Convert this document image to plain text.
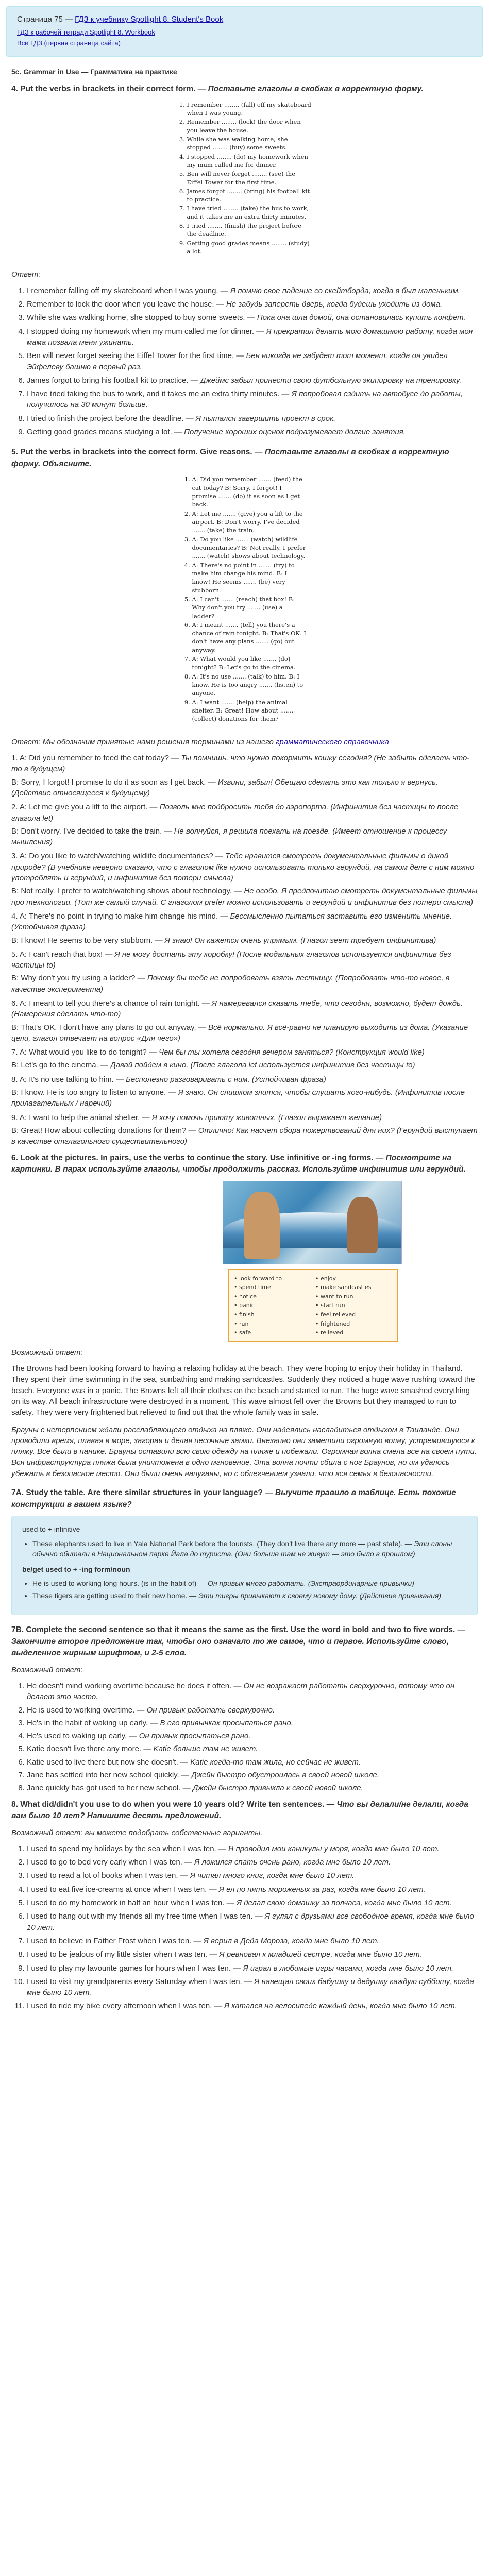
Страница 75 — ГДЗ к учебнику Spotlight 8. Student's Book

ГДЗ к рабочей тетради Spotlight 8. Workbook
Все ГДЗ (первая страница сайта)
5c. Grammar in Use — Грамматика на практике
4. Put the verbs in brackets in their correct form. — Поставьте глаголы в скобках в корректную форму.
1. I remember ........ (fall) off my skateboard when I was young.
2. Remember ........ (lock) the door when you leave the house.
3. While she was walking home, she stopped ........ (buy) some sweets.
4. I stopped ........ (do) my homework when my mum called me for dinner.
5. Ben will never forget ........ (see) the Eiffel Tower for the first time.
6. James forgot ........ (bring) his football kit to practice.
7. I have tried ........ (take) the bus to work, and it takes me an extra thirty minutes.
8. I tried ........ (finish) the project before the deadline.
9. Getting good grades means ........ (study) a lot.
Ответ:
1. I remember falling off my skateboard when I was young. — Я помню свое падение со скейтборда, когда я был маленьким.
2. Remember to lock the door when you leave the house. — Не забудь запереть дверь, когда будешь уходить из дома.
3. While she was walking home, she stopped to buy some sweets. — Пока она шла домой, она остановилась купить конфет.
4. I stopped doing my homework when my mum called me for dinner. — Я прекратил делать мою домашнюю работу, когда моя мама позвала меня ужинать.
5. Ben will never forget seeing the Eiffel Tower for the first time. — Бен никогда не забудет тот момент, когда он увидел Эйфелеву башню в первый раз.
6. James forgot to bring his football kit to practice. — Джеймс забыл принести свою футбольную экипировку на тренировку.
7. I have tried taking the bus to work, and it takes me an extra thirty minutes. — Я попробовал ездить на автобусе до работы, получилось на 30 минут больше.
8. I tried to finish the project before the deadline. — Я пытался завершить проект в срок.
9. Getting good grades means studying a lot. — Получение хороших оценок подразумевает долгие занятия.
5. Put the verbs in brackets into the correct form. Give reasons. — Поставьте глаголы в скобках в корректную форму. Объясните.
1. A: Did you remember ....... (feed) the cat today? B: Sorry, I forgot! I promise ....... (do) it as soon as I get back.
2. A: Let me ....... (give) you a lift to the airport. B: Don't worry. I've decided ....... (take) the train.
3. A: Do you like ....... (watch) wildlife documentaries? B: Not really. I prefer ....... (watch) shows about technology.
4. A: There's no point in ....... (try) to make him change his mind. B: I know! He seems ....... (be) very stubborn.
5. A: I can't ....... (reach) that box! B: Why don't you try ....... (use) a ladder?
6. A: I meant ....... (tell) you there's a chance of rain tonight. B: That's OK. I don't have any plans ....... (go) out anyway.
7. A: What would you like ....... (do) tonight? B: Let's go to the cinema.
8. A: It's no use ....... (talk) to him. B: I know. He is too angry ....... (listen) to anyone.
9. A: I want ....... (help) the animal shelter. B: Great! How about ....... (collect) donations for them?
Ответ: Мы обозначим принятые нами решения терминами из нашего грамматического справочника

1. A: Did you remember to feed the cat today? — Ты помнишь, что нужно покормить кошку сегодня? (Не забыть сделать что-то в будущем)

B: Sorry, I forgot! I promise to do it as soon as I get back. — Извини, забыл! Обещаю сделать это как только я вернусь. (Действие относящееся к будущему)

2. A: Let me give you a lift to the airport. — Позволь мне подбросить тебя до аэропорта. (Инфинитив без частицы to после глагола let)

B: Don't worry. I've decided to take the train. — Не волнуйся, я решила поехать на поезде. (Имеет отношение к процессу мышления)

3. A: Do you like to watch/watching wildlife documentaries? — Тебе нравится смотреть документальные фильмы о дикой природе? (В учебнике неверно сказано, что с глаголом like нужно использовать только герундий, на самом деле с ним можно употреблять и герундий, и инфинитив без потери смысла)

B: Not really. I prefer to watch/watching shows about technology. — Не особо. Я предпочитаю смотреть документальные фильмы про технологии. (Тот же самый случай. С глаголом prefer можно использовать и герундий и инфинитив без потери смысла)

4. A: There's no point in trying to make him change his mind. — Бессмысленно пытаться заставить его изменить мнение. (Устойчивая фраза)

B: I know! He seems to be very stubborn. — Я знаю! Он кажется очень упрямым. (Глагол seem требует инфинитива)

5. A: I can't reach that box! — Я не могу достать эту коробку! (После модальных глаголов используется инфинитив без частицы to)

B: Why don't you try using a ladder? — Почему бы тебе не попробовать взять лестницу. (Попробовать что-то новое, в качестве эксперимента)

6. A: I meant to tell you there's a chance of rain tonight. — Я намеревался сказать тебе, что сегодня, возможно, будет дождь. (Намерения сделать что-то)

B: That's OK. I don't have any plans to go out anyway. — Всё нормально. Я всё-равно не планирую выходить из дома. (Указание цели, глагол отвечает на вопрос «Для чего»)

7. A: What would you like to do tonight? — Чем бы ты хотела сегодня вечером заняться? (Конструкция would like)

B: Let's go to the cinema. — Давай пойдем в кино. (После глагола let используется инфинитив без частицы to)

8. A: It's no use talking to him. — Бесполезно разговаривать с ним. (Устойчивая фраза)

B: I know. He is too angry to listen to anyone. — Я знаю. Он слишком злится, чтобы слушать кого-нибудь. (Инфинитив после прилагательных / наречий)

9. A: I want to help the animal shelter. — Я хочу помочь приюту животных. (Глагол выражает желание)

B: Great! How about collecting donations for them? — Отлично! Как насчет сбора пожертвований для них? (Герундий выступает в качестве отглагольного существительного)

6. Look at the pictures. In pairs, use the verbs to continue the story. Use infinitive or -ing forms. — Посмотрите на картинки. В парах используйте глаголы, чтобы продолжить рассказ. Используйте инфинитив или герундий.
• look forward to	• enjoy
• spend time	• make sandcastles
• notice	• want to run
• panic	• start run
• finish	• feel relieved
• run	• frightened
• safe	• relieved
Возможный ответ:

The Browns had been looking forward to having a relaxing holiday at the beach. They were hoping to enjoy their holiday in Thailand. They spent their time swimming in the sea, sunbathing and making sandcastles. Suddenly they noticed a huge wave rushing toward the beach. Everyone was in a panic. The Browns left all their clothes on the beach and started to run. The huge wave smashed everything on its way. All beach infrastructure were destroyed in a moment. This wave almost fell over the Browns but they managed to run to safety. They were very frightened but relieved to find out that the whole family was in safe.

Брауны с нетерпением ждали расслабляющего отдыха на пляже. Они надеялись насладиться отдыхом в Таиланде. Они проводили время, плавая в море, загорая и делая песочные замки. Внезапно они заметили огромную волну, устремившуюся к пляжу. Все были в панике. Брауны оставили всю свою одежду на пляже и побежали. Огромная волна смела все на своем пути. Вся инфраструктура пляжа была уничтожена в одно мгновение. Эта волна почти сбила с ног Браунов, но им удалось убежать в безопасное место. Они были очень напуганы, но с облегчением узнали, что вся семья в безопасности.

7A. Study the table. Are there similar structures in your language? — Выучите правило в таблице. Есть похожие конструкции в вашем языке?
used to + infinitive
• These elephants used to live in Yala National Park before the tourists. (They don't live there any more — past state). — Эти слоны обычно обитали в Национальном парке Йала до туриста. (Они больше там не живут — это было в прошлом)
be/get used to + -ing form/noun
• He is used to working long hours. (is in the habit of) — Он привык много работать. (Экстраординарные привычки)
• These tigers are getting used to their new home. — Эти тигры привыкают к своему новому дому. (Действие привыкания)
7B. Complete the second sentence so that it means the same as the first. Use the word in bold and two to five words. — Закончите второе предложение так, чтобы оно означало то же самое, что и первое. Используйте слово, выделенное жирным шрифтом, и 2-5 слов.
Возможный ответ:
1. He doesn't mind working overtime because he does it often. — Он не возражает работать сверхурочно, потому что он делает это часто.
2. He is used to working overtime. — Он привык работать сверхурочно.
3. He's in the habit of waking up early. — В его привычках просыпаться рано.
4. He's used to waking up early. — Он привык просыпаться рано.
5. Katie doesn't live there any more. — Katie больше там не живет.
6. Katie used to live there but now she doesn't. — Katie когда-то там жила, но сейчас не живет.
7. Jane has settled into her new school quickly. — Джейн быстро обустроилась в своей новой школе.
8. Jane quickly has got used to her new school. — Джейн быстро привыкла к своей новой школе.
8. What did/didn't you use to do when you were 10 years old? Write ten sentences. — Что вы делали/не делали, когда вам было 10 лет? Напишите десять предложений.
Возможный ответ: вы можете подобрать собственные варианты.
1. I used to spend my holidays by the sea when I was ten. — Я проводил мои каникулы у моря, когда мне было 10 лет.
2. I used to go to bed very early when I was ten. — Я ложился спать очень рано, когда мне было 10 лет.
3. I used to read a lot of books when I was ten. — Я читал много книг, когда мне было 10 лет.
4. I used to eat five ice-creams at once when I was ten. — Я ел по пять мороженых за раз, когда мне было 10 лет.
5. I used to do my homework in half an hour when I was ten. — Я делал свою домашку за полчаса, когда мне было 10 лет.
6. I used to hang out with my friends all my free time when I was ten. — Я гулял с друзьями все свободное время, когда мне было 10 лет.
7. I used to believe in Father Frost when I was ten. — Я верил в Деда Мороза, когда мне было 10 лет.
8. I used to be jealous of my little sister when I was ten. — Я ревновал к младшей сестре, когда мне было 10 лет.
9. I used to play my favourite games for hours when I was ten. — Я играл в любимые игры часами, когда мне было 10 лет.
10. I used to visit my grandparents every Saturday when I was ten. — Я навещал своих бабушку и дедушку каждую субботу, когда мне было 10 лет.
11. I used to ride my bike every afternoon when I was ten. — Я катался на велосипеде каждый день, когда мне было 10 лет.
